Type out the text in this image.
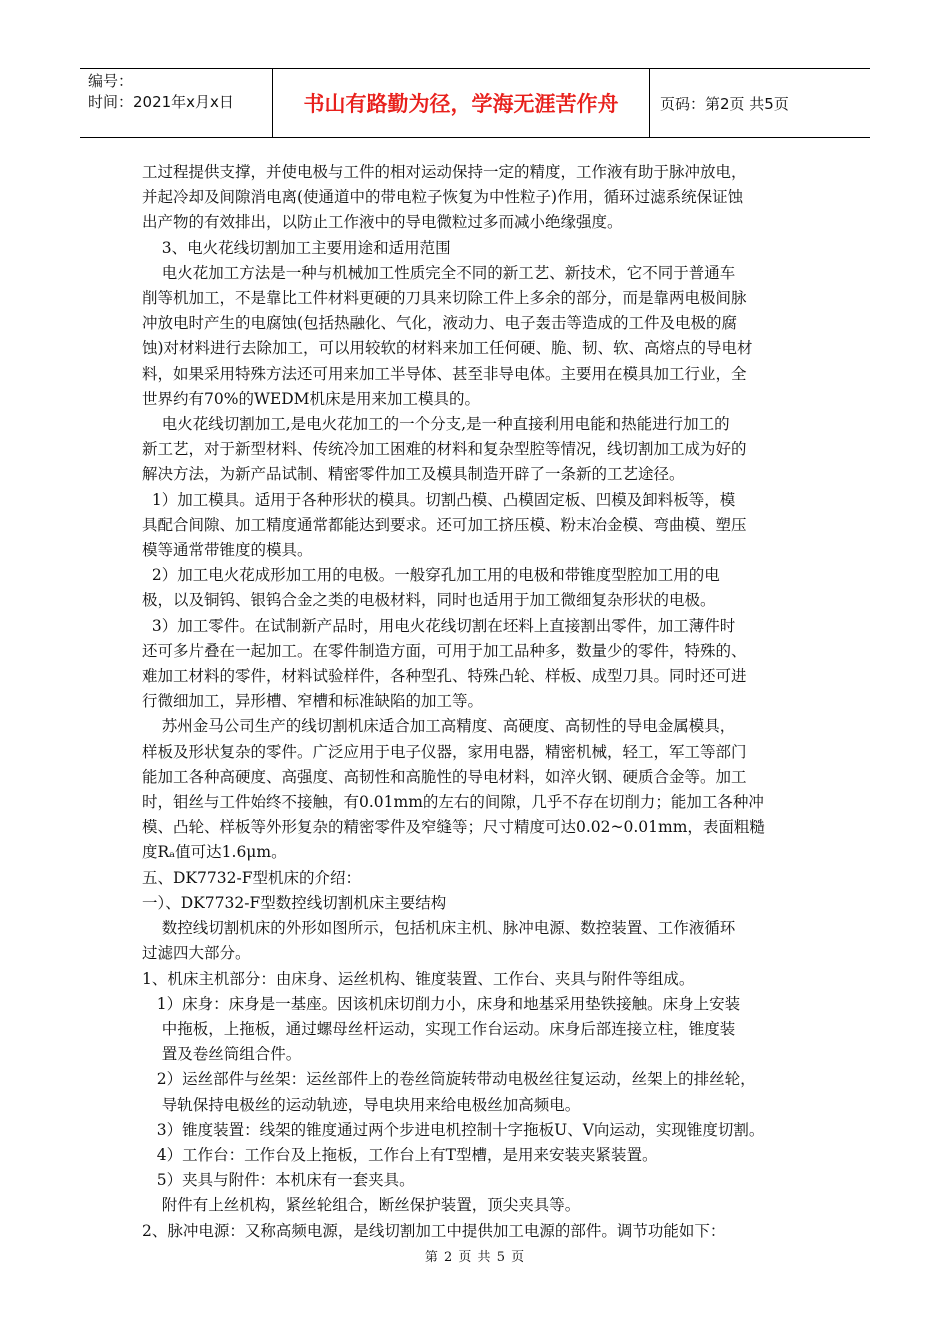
编号：
时间：2021年x月x日	书山有路勤为径，学海无涯苦作舟	页码：第2页 共5页

工过程提供支撑，并使电极与工件的相对运动保持一定的精度，工作液有助于脉冲放电，

并起冷却及间隙消电离(使通道中的带电粒子恢复为中性粒子)作用，循环过滤系统保证蚀

出产物的有效排出，以防止工作液中的导电微粒过多而减小绝缘强度。

3、电火花线切割加工主要用途和适用范围

电火花加工方法是一种与机械加工性质完全不同的新工艺、新技术，它不同于普通车

削等机加工，不是靠比工件材料更硬的刀具来切除工件上多余的部分，而是靠两电极间脉

冲放电时产生的电腐蚀(包括热融化、气化，液动力、电子轰击等造成的工件及电极的腐

蚀)对材料进行去除加工，可以用较软的材料来加工任何硬、脆、韧、软、高熔点的导电材

料，如果采用特殊方法还可用来加工半导体、甚至非导电体。主要用在模具加工行业，全

世界约有70%的WEDM机床是用来加工模具的。

电火花线切割加工,是电火花加工的一个分支,是一种直接利用电能和热能进行加工的

新工艺，对于新型材料、传统冷加工困难的材料和复杂型腔等情况，线切割加工成为好的

解决方法，为新产品试制、精密零件加工及模具制造开辟了一条新的工艺途径。

1）加工模具。适用于各种形状的模具。切割凸模、凸模固定板、凹模及卸料板等，模

具配合间隙、加工精度通常都能达到要求。还可加工挤压模、粉末冶金模、弯曲模、塑压

模等通常带锥度的模具。

2）加工电火花成形加工用的电极。一般穿孔加工用的电极和带锥度型腔加工用的电

极，以及铜钨、银钨合金之类的电极材料，同时也适用于加工微细复杂形状的电极。

3）加工零件。在试制新产品时，用电火花线切割在坯料上直接割出零件，加工薄件时

还可多片叠在一起加工。在零件制造方面，可用于加工品种多，数量少的零件，特殊的、

难加工材料的零件，材料试验样件，各种型孔、特殊凸轮、样板、成型刀具。同时还可进

行微细加工，异形槽、窄槽和标准缺陷的加工等。

苏州金马公司生产的线切割机床适合加工高精度、高硬度、高韧性的导电金属模具，

样板及形状复杂的零件。广泛应用于电子仪器，家用电器，精密机械，轻工，军工等部门

能加工各种高硬度、高强度、高韧性和高脆性的导电材料，如淬火钢、硬质合金等。加工

时，钼丝与工件始终不接触，有0.01mm的左右的间隙，几乎不存在切削力；能加工各种冲

模、凸轮、样板等外形复杂的精密零件及窄缝等；尺寸精度可达0.02~0.01mm，表面粗糙

度Rₐ值可达1.6μm。

五、DK7732-F型机床的介绍：

一）、DK7732-F型数控线切割机床主要结构

数控线切割机床的外形如图所示，包括机床主机、脉冲电源、数控装置、工作液循环

过滤四大部分。

1、机床主机部分：由床身、运丝机构、锥度装置、工作台、夹具与附件等组成。

1）床身：床身是一基座。因该机床切削力小，床身和地基采用垫铁接触。床身上安装

中拖板，上拖板，通过螺母丝杆运动，实现工作台运动。床身后部连接立柱，锥度装

置及卷丝筒组合件。

2）运丝部件与丝架：运丝部件上的卷丝筒旋转带动电极丝往复运动，丝架上的排丝轮，

导轨保持电极丝的运动轨迹，导电块用来给电极丝加高频电。

3）锥度装置：线架的锥度通过两个步进电机控制十字拖板U、V向运动，实现锥度切割。

4）工作台：工作台及上拖板，工作台上有T型槽，是用来安装夹紧装置。

5）夹具与附件：本机床有一套夹具。

附件有上丝机构，紧丝轮组合，断丝保护装置，顶尖夹具等。

2、脉冲电源：又称高频电源，是线切割加工中提供加工电源的部件。调节功能如下：

第 2 页 共 5 页
